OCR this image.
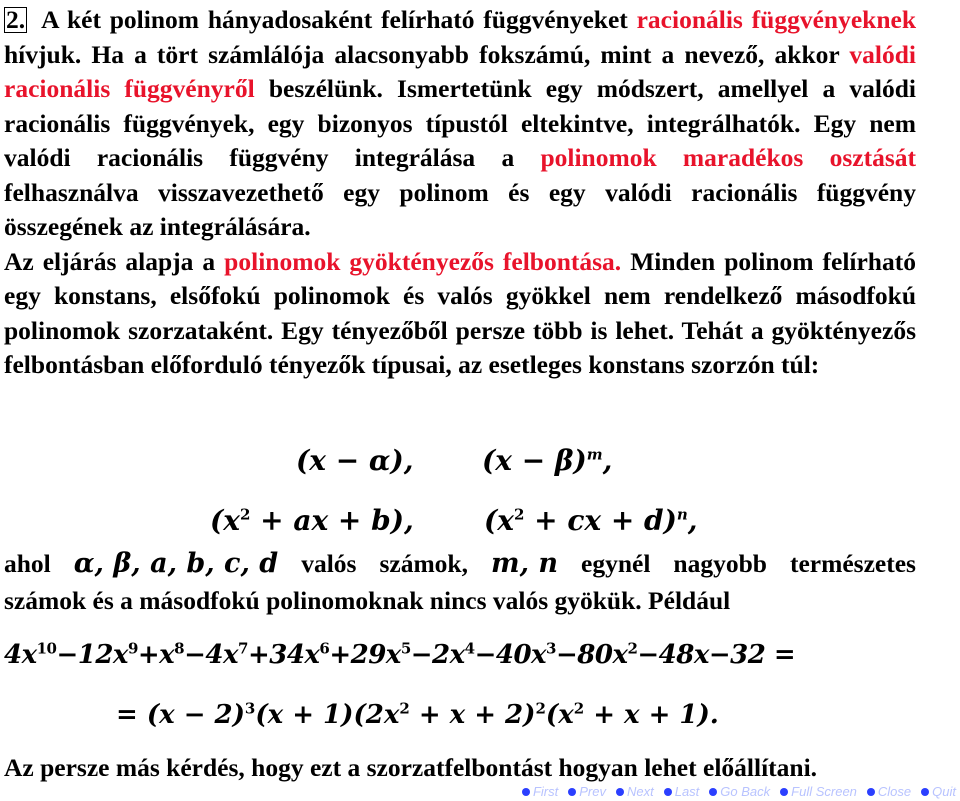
2. A két polinom hányadosaként felírható függvényeket racionális függvényeknek hívjuk. Ha a tört számlálója alacsonyabb fokszámú, mint a nevező, akkor valódi racionális függvényről beszélünk. Ismertetünk egy módszert, amellyel a valódi racionális függvények, egy bizonyos típustól eltekintve, integrálhatók. Egy nem valódi racionális függvény integrálása a polinomok maradékos osztását felhasználva visszavezethető egy polinom és egy valódi racionális függvény összegének az integrálására.

Az eljárás alapja a polinomok gyöktényezős felbontása. Minden polinom felírható egy konstans, elsőfokú polinomok és valós gyökkel nem rendelkező másodfokú polinomok szorzataként. Egy tényezőből persze több is lehet. Tehát a gyöktényezős felbontásban előforduló tényezők típusai, az esetleges konstans szorzón túl:

(x − α), $(x - \beta)^m$,
($x^2$ + ax + b),	($x^2$ + cx + d)$^n$,
ahol α, β, a, b, c, d valós számok, m, n egynél nagyobb természetes
számok és a másodfokú polinomoknak nincs valós gyökük. Például
$4x^{10}-12x^9+x^8-4x^7+34x^6+29x^5-2x^4-40x^3-80x^2-48x-32$ =
= $(x - 2)^3(x + 1)(2x^2 + x + 2)^2(x^2 + x + 1)$.
Az persze más kérdés, hogy ezt a szorzatfelbontást hogyan lehet előállítani.
First Prev Next Last Go Back Full Screen Close Quit
